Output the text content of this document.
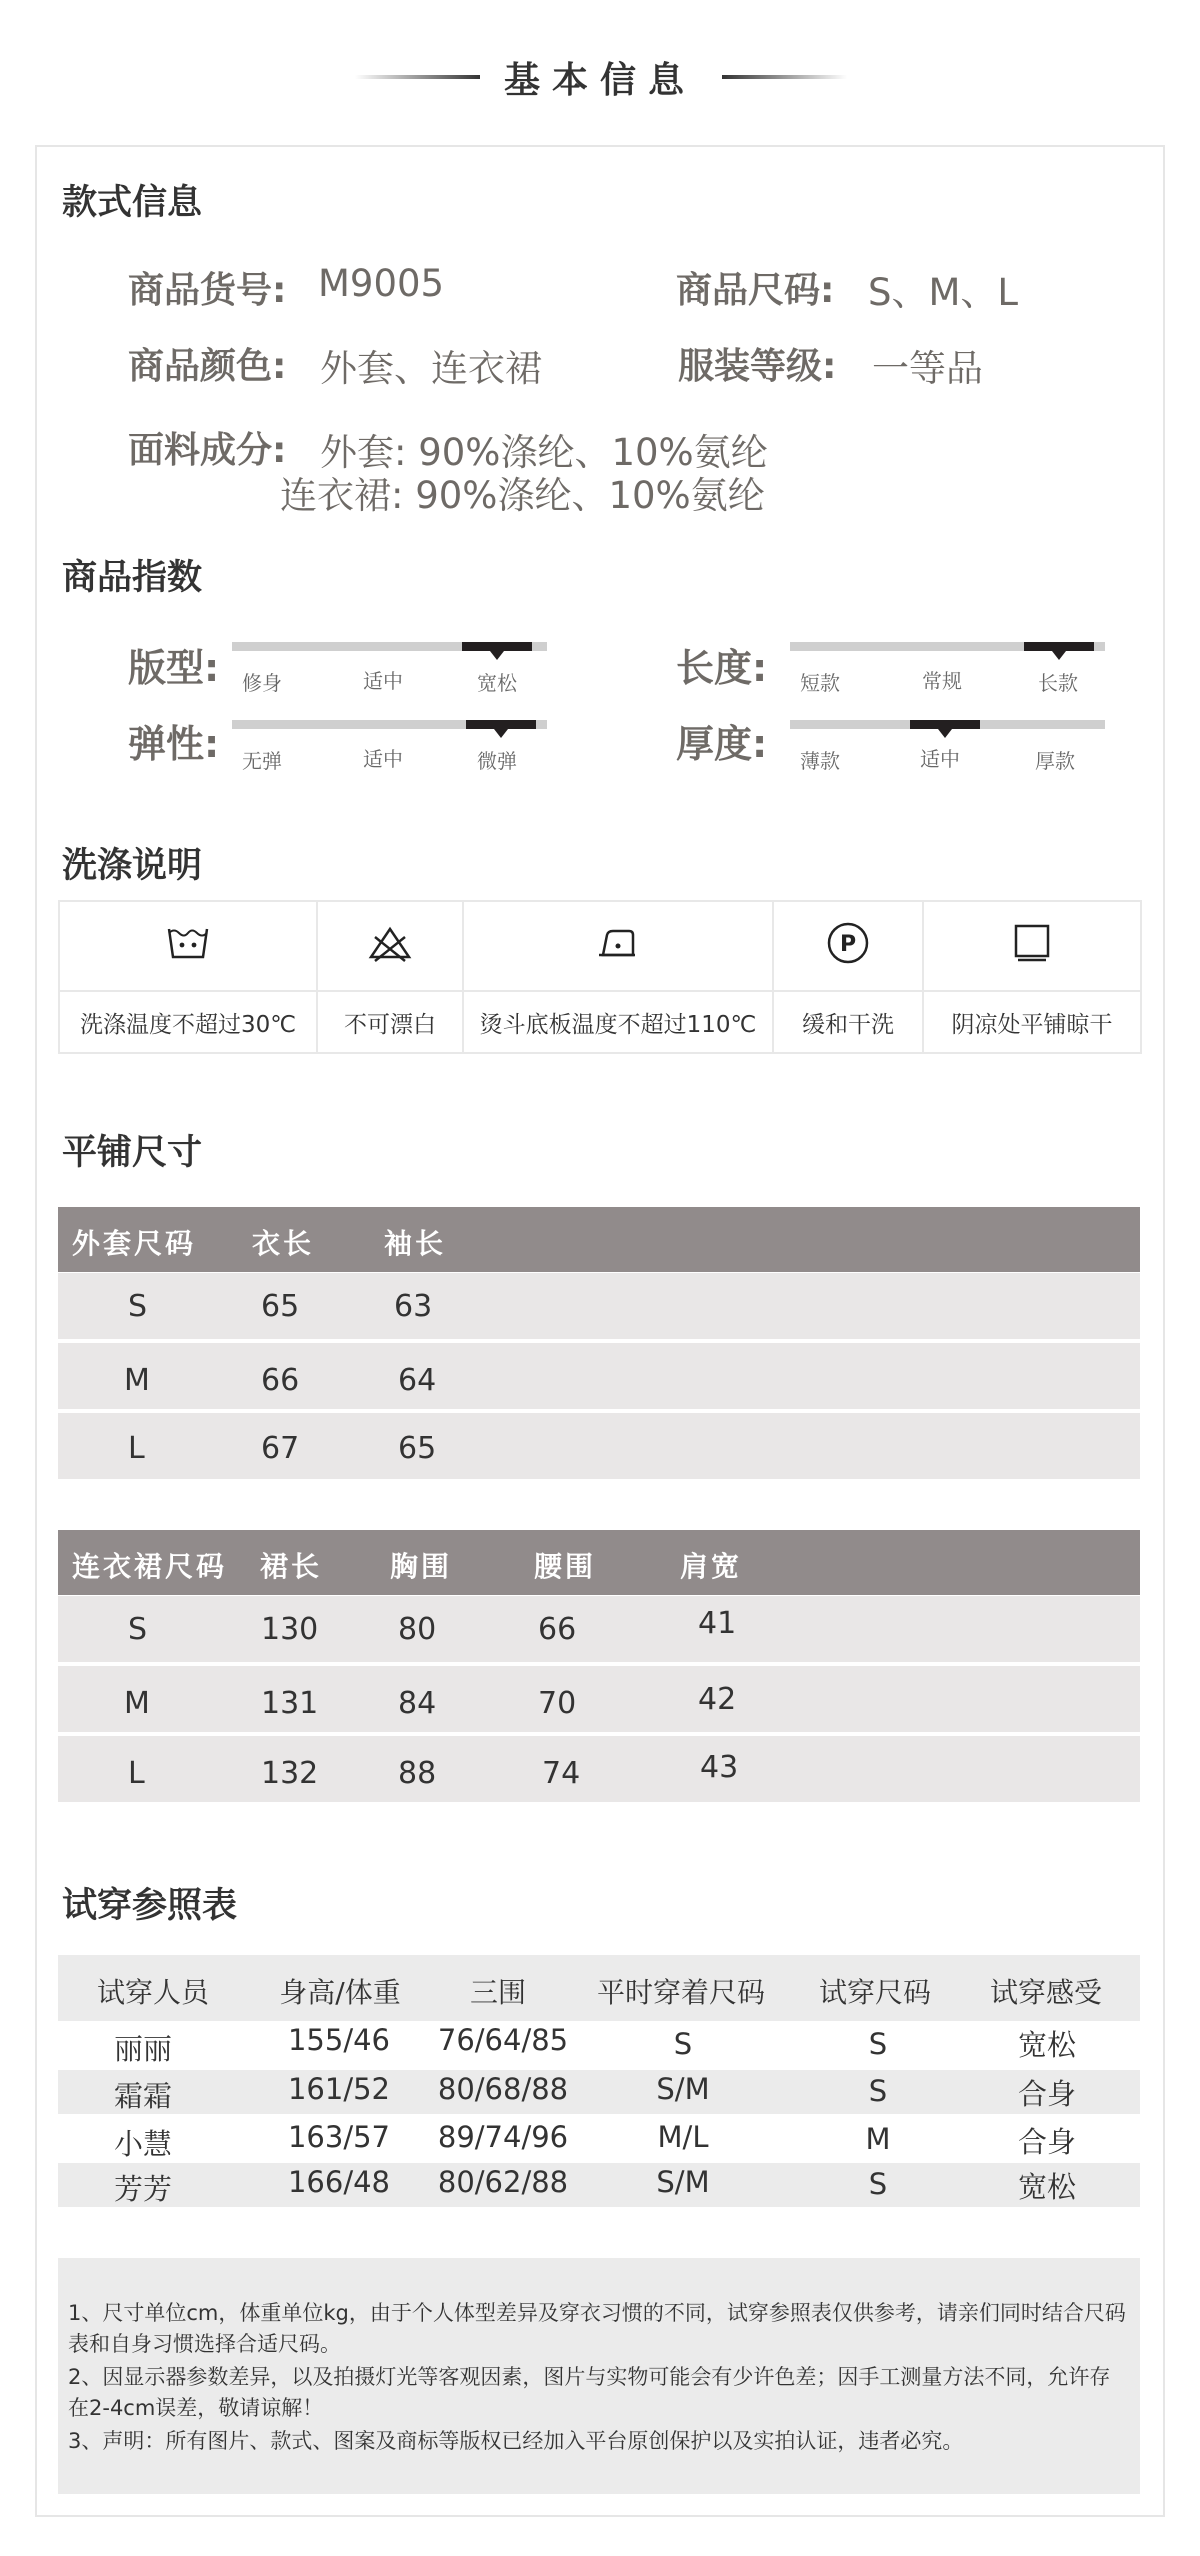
基本信息
款式信息
商品货号: M9005	商品尺码: S、M、L
商品颜色: 外套、连衣裙	服装等级: 一等品
面料成分: 外套: 90%涤纶、10%氨纶
连衣裙: 90%涤纶、10%氨纶
商品指数
版型: 修身	适中	宽松	长度: 短款	常规	长款
弹性: 无弹	适中	微弹	厚度: 薄款	适中	厚款
洗涤说明

P

洗涤温度不超过30℃	不可漂白	烫斗底板温度不超过110℃	缓和干洗	阴凉处平铺晾干
平铺尺寸
外套尺码 衣长 袖长
S	65	63
M	66	64
L	67	65
连衣裙尺码 裙长 胸围	腰围	肩宽
S	130	80	66	41
M	131	84	70	42
L	132	88	74	43
试穿参照表
试穿人员	身高/体重 三围	平时穿着尺码 试穿尺码 试穿感受
丽丽	155/46 76/64/85	S	S	宽松
霜霜	161/52 80/68/88	S/M	S	合身
小慧	163/57 89/74/96	M/L	M	合身
芳芳	166/48 80/62/88	S/M	S	宽松

1、尺寸单位cm，体重单位kg，由于个人体型差异及穿衣习惯的不同，试穿参照表仅供参考，请亲们同时结合尺码表和自身习惯选择合适尺码。

2、因显示器参数差异，以及拍摄灯光等客观因素，图片与实物可能会有少许色差；因手工测量方法不同，允许存在2-4cm误差，敬请谅解！

3、声明：所有图片、款式、图案及商标等版权已经加入平台原创保护以及实拍认证，违者必究。
